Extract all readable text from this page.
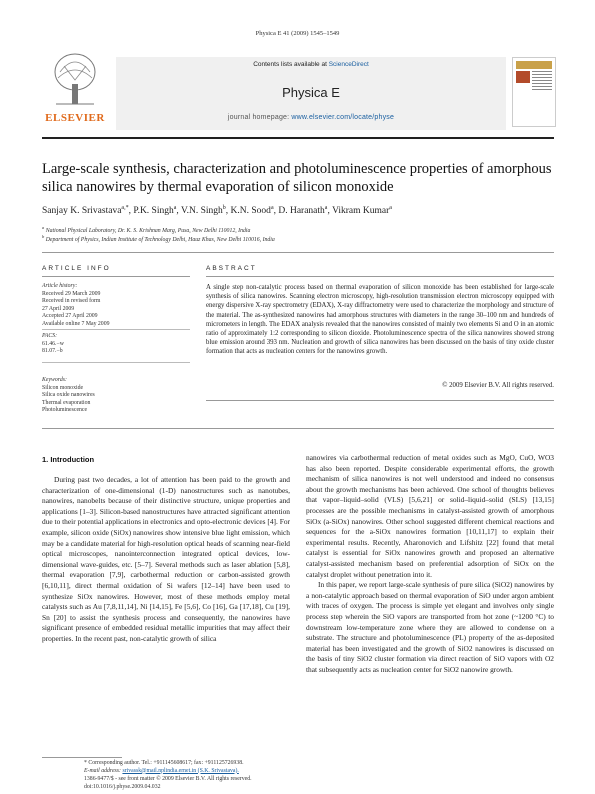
Physica E 41 (2009) 1545–1549
ELSEVIER
Contents lists available at ScienceDirect
Physica E
journal homepage: www.elsevier.com/locate/physe
Large-scale synthesis, characterization and photoluminescence properties of amorphous silica nanowires by thermal evaporation of silicon monoxide
Sanjay K. Srivastava$^{a,*}$, P.K. Singh$^a$, V.N. Singh$^b$, K.N. Sood$^a$, D. Haranath$^a$, Vikram Kumar$^a$
$^a$ National Physical Laboratory, Dr. K. S. Krishnan Marg, Pusa, New Delhi 110012, India
$^b$ Department of Physics, Indian Institute of Technology Delhi, Hauz Khas, New Delhi 110016, India
ARTICLE INFO
Article history:
Received 29 March 2009
Received in revised form
27 April 2009
Accepted 27 April 2009
Available online 7 May 2009
PACS:
61.46.−w
81.07.−b
Keywords:
Silicon monoxide
Silica oxide nanowires
Thermal evaporation
Photoluminescence
ABSTRACT
A single step non-catalytic process based on thermal evaporation of silicon monoxide has been established for large-scale synthesis of silica nanowires. Scanning electron microscopy, high-resolution transmission electron microscopy equipped with energy dispersive X-ray spectrometry (EDAX), X-ray diffractometry were used to characterize the morphology and structure of the material. The as-synthesized nanowires had amorphous structures with diameters in the range 30–100 nm and hundreds of micrometers in length. The EDAX analysis revealed that the nanowires consisted of mainly two elements Si and O in an atomic ratio of approximately 1:2 corresponding to silicon dioxide. Photoluminescence spectra of the silica nanowires showed strong blue emission around 393 nm. Nucleation and growth of silica nanowires has been discussed on the basis of tiny oxide cluster formation that acts as nucleation centers for the nanowires growth.
© 2009 Elsevier B.V. All rights reserved.
1. Introduction

During past two decades, a lot of attention has been paid to the growth and characterization of one-dimensional (1-D) nanostructures such as nanotubes, nanowires, nanobelts because of their distinctive structure, unique properties and applications [1–3]. Silicon-based nanostructures have attracted significant attention due to their potential applications in electronics and opto-electronic devices [4]. For example, silicon oxide (SiOx) nanowires show intensive blue light emission, which may be a candidate material for high-resolution optical heads of scanning near-field optical microscopes, nanointerconnection integrated optical devices, low-dimensional wave-guides, etc. [5–7]. Several methods such as laser ablation [5,8], thermal evaporation [7,9], carbothermal reduction or carbon-assisted growth [6,10,11], direct thermal oxidation of Si wafers [12–14] have been used to synthesize SiOx nanowires. However, most of these methods employ metal catalysts such as Au [7,8,11,14], Ni [14,15], Fe [5,6], Co [16], Ga [17,18], Cu [19], Sn [20] to assist the synthesis process and consequently, the nanowires have significant presence of embedded residual metallic impurities that may affect their properties. In the recent past, non-catalytic growth of silica

nanowires via carbothermal reduction of metal oxides such as MgO, CuO, WO3 has also been reported. Despite considerable experimental efforts, the growth mechanism of silica nanowires is not well understood and indeed no consensus about the growth mechanisms has been achieved. One school of thoughts believes that vapor–liquid–solid (VLS) [5,6,21] or solid–liquid–solid (SLS) [13,15] processes are the possible mechanisms in catalyst-assisted growth of amorphous SiOx (a-SiOx) nanowires. Other school suggested different chemical reactions and sequences for the a-SiOx nanowires formation [10,11,17] to explain their experimental results. Recently, Aharonovich and Lifshitz [22] found that metal catalyst is essential for SiOx nanowires growth and proposed an alternative catalyst-assisted mechanism based on preferential adsorption of SiOx on the catalyst droplet without penetration into it.

In this paper, we report large-scale synthesis of pure silica (SiO2) nanowires by a non-catalytic approach based on thermal evaporation of SiO under argon ambient with traces of oxygen. The process is simple yet elegant and involves only single process step wherein the SiO vapors are transported from hot zone (~1200 °C) to downstream low-temperature zone where they are allowed to condense on a substrate. The structure and photoluminescence (PL) property of the as-deposited material has been investigated and the growth of SiO2 nanowires is discussed on the basis of tiny SiO2 cluster formation via direct reaction of SiO vapors with O2 that subsequently acts as nucleation center for SiO2 nanowire growth.

* Corresponding author. Tel.: +911145608617; fax: +911125726938.
E-mail address: srivassk@mail.nplindia.ernet.in (S.K. Srivastava).
1386-9477/$ - see front matter © 2009 Elsevier B.V. All rights reserved.
doi:10.1016/j.physe.2009.04.032
